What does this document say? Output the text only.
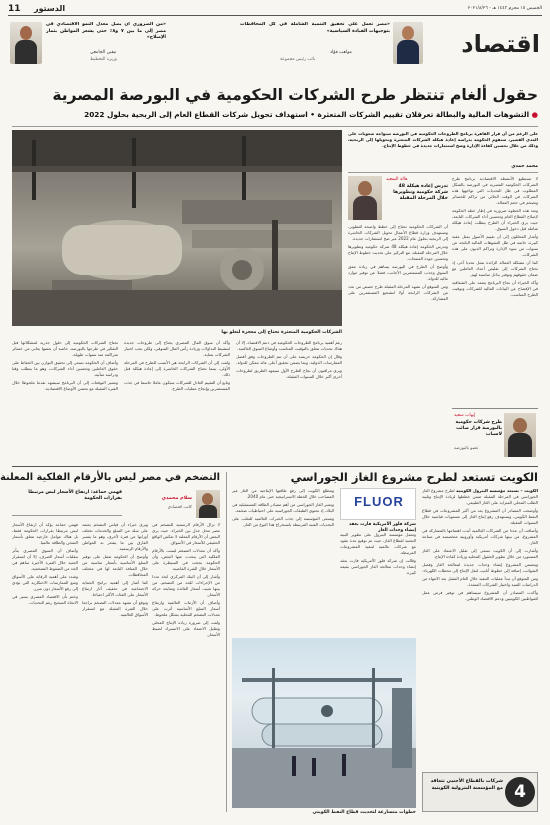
11 الدستور	الخميس ١٥ محرم ١٤٤٣ هـ - ٢٠٢١/٨/٢٦
«من الضروري أن يصل معدل النمو الاقتصادي في مصر إلى ما بين ٧ و٨٪ حتى يشعر المواطن بثمار الإصلاح»
نيفين الجامعي
وزيرة التخطيط
«مصر تعمل على تحقيق التنمية الشاملة في كل المحافظات بتوجيهات القيادة السياسية»
مواهب فؤاد
نائب رئيس مجموعة
اقتصاد
حقول ألغام تنتظر طرح الشركات الحكومية في البورصة المصرية
● التشوهات المالية والبطالة تعرقلان تقييم الشركات المتعثرة • استهداف تحويل شركات القطاع العام إلى الربحية بحلول 2022
الشركات الحكومية المتعثرة تحتاج إلى معجزة لتعلو بها
على الرغم من أن قرار القاهرة برنامج الطروحات الحكومية في البورصة سيواجه صعوبات على المدى القصير، ستقوم الحكومة بدراسة إعادة هيكلة الشركات المتعثرة وتحويلها إلى الربحية، وذلك من خلال تحسين كفاءة الإدارة وضخ استثمارات جديدة في خطوط الإنتاج.
محمد حمدي
هالة السعيد
تدرس إعادة هيكلة 48 شركة حكومية وتطويرها خلال المرحلة المقبلة

لا تستطيع الأنشطة الاقتصادية برنامج طرح الشركات الحكومية المصرية في البورصة بالشكل المطلوب في ظل التحديات التي تواجهها هذه الشركات في الوقت الحالي من تراكم للخسائر وتضخم في حجم العمالة.

وتعد هذه الخطوة ضرورية في إطار خطة الحكومة لإصلاح القطاع العام وتحسين أداء الشركات التابعة، حيث يرى الخبراء أن الطرح يتطلب إعادة هيكلة شاملة قبل دخول السوق.

وأشار المحللون إلى أن تقييم الأصول يمثل عقبة كبيرة، خاصة في ظل التشوهات المالية الناتجة عن سنوات من سوء الإدارة وتراكم الديون على هذه الشركات.

كما أن مشكلة العمالة الزائدة تمثل تحديا آخر، إذ تحتاج الشركات إلى تقليص أعداد العاملين مع ضمان حقوقهم وتوفير بدائل مناسبة لهم.

وأكد الخبراء أن نجاح البرنامج يعتمد على الشفافية في الإفصاح عن البيانات المالية للشركات وتوقيت الطرح المناسب.

أن الشركات الحكومية تحتاج إلى خطط واضحة للتطوير، وتستهدف وزارة قطاع الأعمال تحويل الشركات الخاسرة إلى الربحية بحلول عام 2022 عبر ضخ استثمارات جديدة.

وتدرس الحكومة إعادة هيكلة 48 شركة حكومية وتطويرها خلال المرحلة المقبلة، مع التركيز على تحديث خطوط الإنتاج وتحسين جودة المنتجات.

وأوضح أن الطرح في البورصة يساهم في زيادة عمق السوق وجذب المستثمرين الأجانب، فضلا عن توفير موارد مالية للدولة.

ومن المتوقع أن تشهد المرحلة المقبلة طرح حصص من عدد من الشركات الرابحة أولا لتشجيع المستثمرين على المشاركة.

إيهاب سعيد
طرح شركات حكومية بالبورصة قرار صائب لاسباب
عضو بالبورصة

تحتاج الشركات الحكومية إلى حلول جذرية لمشكلاتها قبل التفكير في طرحها بالبورصة، خاصة أن بعضها يعاني من خسائر متراكمة منذ سنوات طويلة.

وأضاف أن الحكومة تسعى إلى تحقيق التوازن بين الحفاظ على حقوق العاملين وتحسين أداء الشركات، وهو ما يتطلب وقتا ودراسة متأنية.

وتشير التوقعات إلى أن البرنامج سيشهد تقدما ملحوظا خلال الفترة المقبلة مع تحسن الأوضاع الاقتصادية.

وأكد أن سوق المال المصري يحتاج إلى طروحات جديدة لتنشيط التداولات وزيادة رأس المال السوقي، ولكن يجب اختيار الشركات بعناية.

ولفت إلى أن الشركات الرابحة هي الأنسب للطرح في المرحلة الأولى، بينما تحتاج الشركات الخاسرة إلى إعادة هيكلة قبل ذلك.

وتابع أن التقييم العادل للشركات سيكون عاملا حاسما في جذب المستثمرين وإنجاح عمليات الطرح.

رغم أهمية برنامج الطروحات الحكومية في دعم الاقتصاد، إلا أن هناك تحديات تتعلق بالتوقيت المناسب وأوضاع السوق العالمية.

وقال إن الحكومة حريصة على أن تتم الطروحات وفق أفضل الممارسات الدولية، وبما يضمن تحقيق أعلى عائد ممكن للدولة.

ويرى مراقبون أن نجاح الطرح الأول سيمهد الطريق لطروحات أخرى أكبر خلال السنوات المقبلة.

الكويت تستعد لطرح مشروع الغاز الجوراسي
FLUOR
شركة فلور الأمريكية فازت بعقد إنشاء وحدات الغاز

الكويت – تستعد مؤسسة البترول الكويتية لطرح مشروع الغاز الجوراسي في المرحلة المقبلة ضمن خططها لزيادة الإنتاج وتلبية الطلب المحلي المتزايد على الغاز الطبيعي.

وأوضحت المصادر أن المشروع يعد من أكبر المشروعات في قطاع النفط الكويتي، ويستهدف رفع إنتاج الغاز إلى مستويات قياسية خلال السنوات المقبلة.

وأضافت أن عددا من الشركات العالمية أبدت اهتمامها بالمشاركة في المشروع، من بينها شركات أمريكية وأوروبية متخصصة في صناعة الغاز.

وأشارت إلى أن الكويت تسعى إلى تقليل الاعتماد على الغاز المستورد من خلال تطوير الحقول المحلية وزيادة كفاءة الإنتاج.

ويتضمن المشروع إنشاء وحدات جديدة لمعالجة الغاز وفصل الشوائب، إضافة إلى خطوط أنابيب لنقل الإنتاج إلى محطات الكهرباء.

ومن المتوقع أن تبدأ عمليات التنفيذ خلال العام المقبل بعد الانتهاء من الدراسات الفنية واختيار الشركات المنفذة.

وأكدت المصادر أن المشروع سيساهم في توفير فرص عمل للمواطنين الكويتيين ودعم الاقتصاد الوطني.

وتعمل مؤسسة البترول على تطوير البنية التحتية لقطاع الغاز، حيث تم توقيع عدة عقود مع شركات عالمية لتنفيذ المشروعات المرتبطة.

وقالت إن شركة فلور الأمريكية فازت بعقد إنشاء وحدات معالجة الغاز الجوراسي بقيمة كبيرة.

وتتطلع الكويت إلى رفع طاقتها الإنتاجية من الغاز غير المصاحب خلال الخطة الاستراتيجية حتى عام 2040.

ويعتبر الغاز الجوراسي من أهم مصادر الطاقة المستقبلية في البلاد، إذ تحتوي الطبقات الجوراسية على احتياطيات ضخمة.

وتسعى المؤسسة إلى جذب الخبرات العالمية للتغلب على التحديات الفنية المرتبطة باستخراج هذا النوع من الغاز.

خطوات متسارعة لتحديث قطاع النفط الكويتي
4
شركات بالقطاع الأجنبي تتعاقد مع المؤسسة البترولية الكويتية
التضخم في مصر ليس بالأرقام الفلكية المعلنة
سلام محمدي
كاتب اقتصادي
فهمي حماعد: ارتفاع الأسعار ليس مرتبطا بقرارات الحكومة

لا تزال الأرقام الرسمية للتضخم في مصر محل جدل بين الخبراء، حيث يرى البعض أن الأرقام المعلنة لا تعكس الواقع الحقيقي للأسعار في الأسواق.

وأكد أن معدلات التضخم ليست بالأرقام الفلكية التي يتحدث عنها البعض، وأن الحكومة نجحت في السيطرة على الأسعار خلال الفترة الماضية.

وأشار إلى أن البنك المركزي اتخذ عددا من الإجراءات للحد من التضخم، من بينها تثبيت أسعار الفائدة ومتابعة حركة الأسعار.

وأضاف أن الأزمات العالمية وارتفاع أسعار السلع الأساسية أثرت على معدلات التضخم المحلية بشكل ملحوظ.

ولفت إلى ضرورة زيادة الإنتاج المحلي وتقليل الاعتماد على الاستيراد لضبط الأسعار.

ويرى خبراء أن قياس التضخم يعتمد على سلة من السلع والخدمات تختلف أوزانها من فترة لأخرى، وهو ما يفسر الفارق بين ما يشعر به المواطن والأرقام الرسمية.

وأوضح أن الحكومة تعمل على توفير السلع الأساسية بأسعار مناسبة من خلال المنافذ التابعة لها في مختلف المحافظات.

كما أشار إلى أهمية برامج الحماية الاجتماعية في تخفيف آثار ارتفاع الأسعار على الفئات الأكثر احتياجا.

وتوقع أن تشهد معدلات التضخم تراجعا خلال الفترة المقبلة مع استقرار الأسواق العالمية.

فهمي حماعد يؤكد أن ارتفاع الأسعار ليس مرتبطا بقرارات الحكومة فقط، بل هناك عوامل خارجية تتعلق بأسعار الشحن والطاقة عالميا.

وأضاف أن السوق المصري يتأثر بتقلبات أسعار الصرف، إلا أن استقرار الجنيه خلال الفترة الأخيرة ساهم في الحد من الضغوط التضخمية.

وشدد على أهمية الرقابة على الأسواق ومنع الممارسات الاحتكارية التي تؤدي إلى رفع الأسعار دون مبرر.

وختم بأن الاقتصاد المصري يسير في الاتجاه الصحيح رغم التحديات.
